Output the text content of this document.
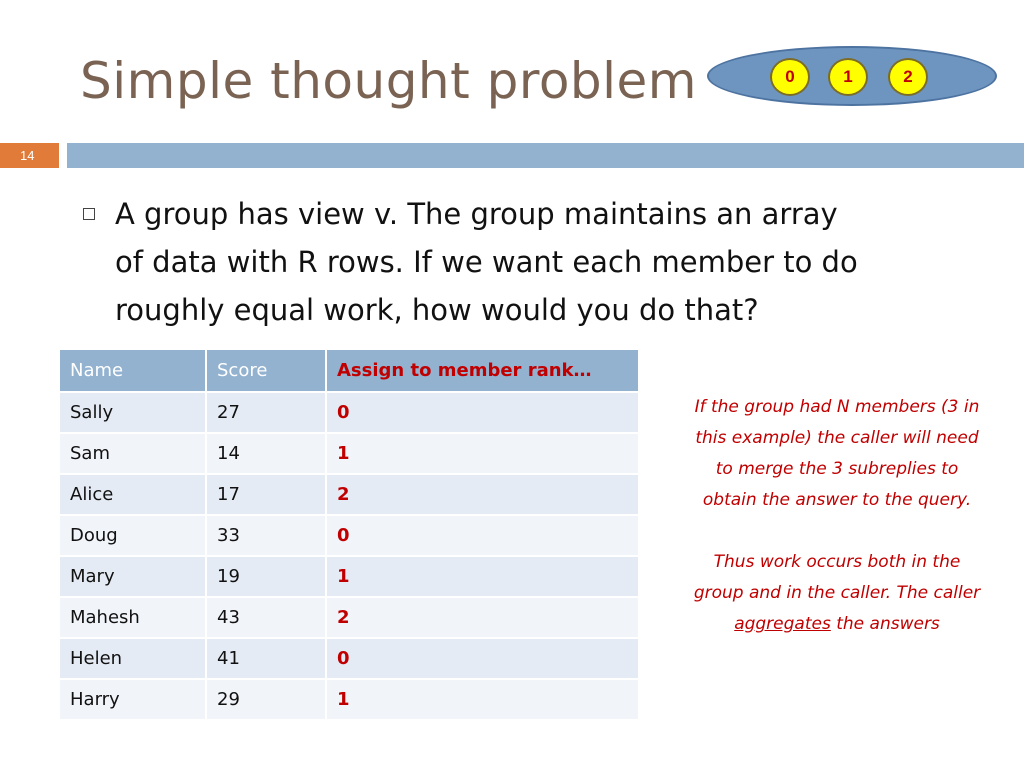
Simple thought problem	0	1	2
14
A group has view v. The group maintains an array
of data with R rows. If we want each member to do
roughly equal work, how would you do that?
Name	Score	Assign to member rank…
Sally	27	0
Sam	14	1
Alice	17	2
Doug	33	0
Mary	19	1
Mahesh	43	2
Helen	41	0
Harry	29	1
If the group had N members (3 in
this example) the caller will need
to merge the 3 subreplies to
obtain the answer to the query.
Thus work occurs both in the
group and in the caller. The caller
aggregates the answers
